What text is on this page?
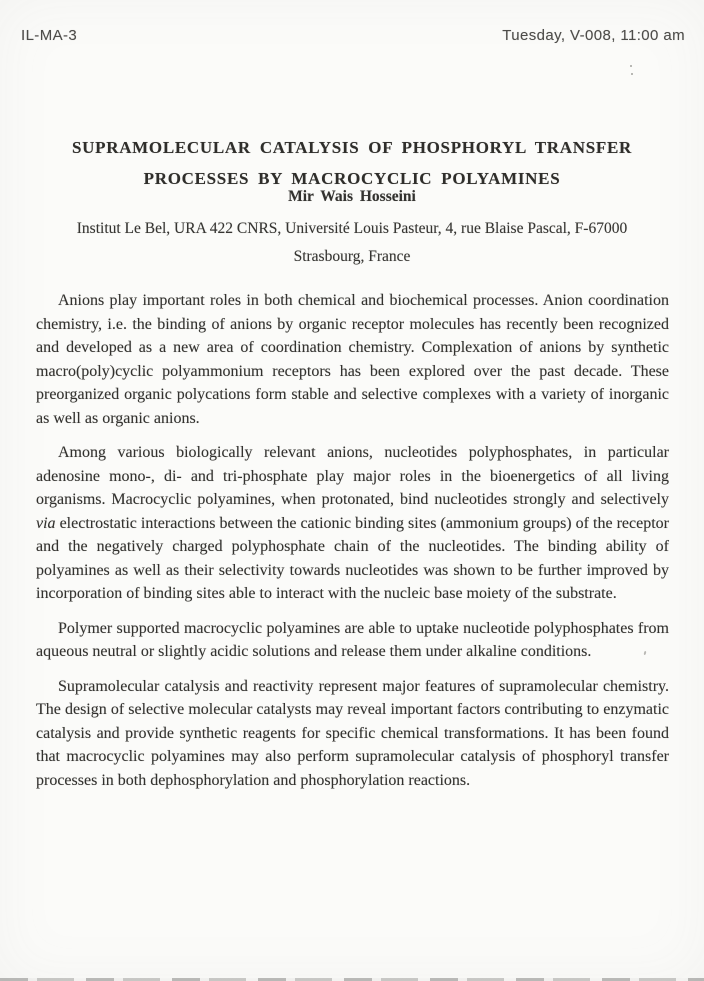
IL-MA-3	Tuesday, V-008, 11:00 am
SUPRAMOLECULAR CATALYSIS OF PHOSPHORYL TRANSFER
PROCESSES BY MACROCYCLIC POLYAMINES
Mir Wais Hosseini
Institut Le Bel, URA 422 CNRS, Université Louis Pasteur, 4, rue Blaise Pascal, F-67000
Strasbourg, France

Anions play important roles in both chemical and biochemical processes. Anion coordination chemistry, i.e. the binding of anions by organic receptor molecules has recently been recognized and developed as a new area of coordination chemistry. Complexation of anions by synthetic macro(poly)cyclic polyammonium receptors has been explored over the past decade. These preorganized organic polycations form stable and selective complexes with a variety of inorganic as well as organic anions.

Among various biologically relevant anions, nucleotides polyphosphates, in particular adenosine mono-, di- and tri-phosphate play major roles in the bioenergetics of all living organisms. Macrocyclic polyamines, when protonated, bind nucleotides strongly and selectively via electrostatic interactions between the cationic binding sites (ammonium groups) of the receptor and the negatively charged polyphosphate chain of the nucleotides. The binding ability of polyamines as well as their selectivity towards nucleotides was shown to be further improved by incorporation of binding sites able to interact with the nucleic base moiety of the substrate.

Polymer supported macrocyclic polyamines are able to uptake nucleotide polyphosphates from aqueous neutral or slightly acidic solutions and release them under alkaline conditions.

Supramolecular catalysis and reactivity represent major features of supramolecular chemistry. The design of selective molecular catalysts may reveal important factors contributing to enzymatic catalysis and provide synthetic reagents for specific chemical transformations. It has been found that macrocyclic polyamines may also perform supramolecular catalysis of phosphoryl transfer processes in both dephosphorylation and phosphorylation reactions.
